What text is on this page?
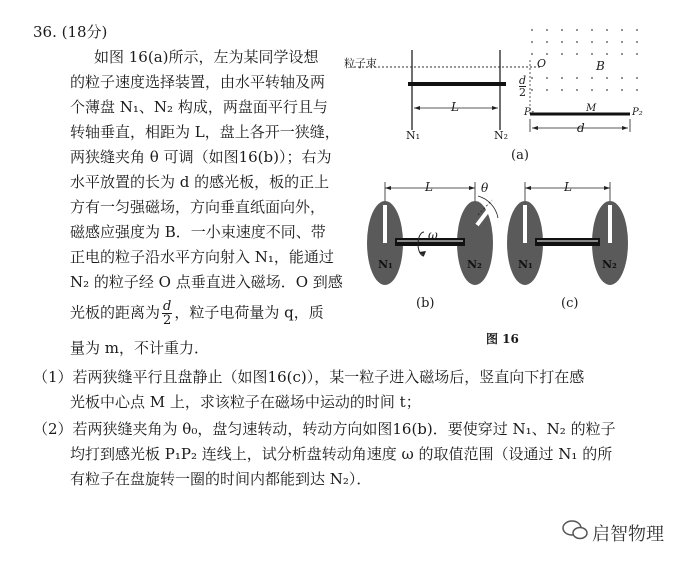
36. (18分)
如图 16(a)所示，左为某同学设想
的粒子速度选择装置，由水平转轴及两
个薄盘 N₁、N₂ 构成，两盘面平行且与
转轴垂直，相距为 L，盘上各开一狭缝，
两狭缝夹角 θ 可调（如图16(b)）；右为
水平放置的长为 d 的感光板，板的正上
方有一匀强磁场，方向垂直纸面向外，
磁感应强度为 B．一小束速度不同、带
正电的粒子沿水平方向射入 N₁，能通过
N₂ 的粒子经 O 点垂直进入磁场．O 到感
光板的距离为 $\frac{d}{2}$ ，粒子电荷量为 q，质
量为 m，不计重力．
（1）若两狭缝平行且盘静止（如图16(c)），某一粒子进入磁场后，竖直向下打在感
光板中心点 M 上，求该粒子在磁场中运动的时间 t；
（2）若两狭缝夹角为 θ₀，盘匀速转动，转动方向如图16(b)．要使穿过 N₁、N₂ 的粒子
均打到感光板 P₁P₂ 连线上，试分析盘转动角速度 ω 的取值范围（设通过 N₁ 的所
有粒子在盘旋转一圈的时间内都能到达 N₂）．
粒子束	O	B
$\frac{d}{2}$
L	M
N₁	N₂
P₁	P₂
d
(a)
L	θ
ω
N₁	N₂
(b)
L
N₁	N₂
(c)
图 16
启智物理
